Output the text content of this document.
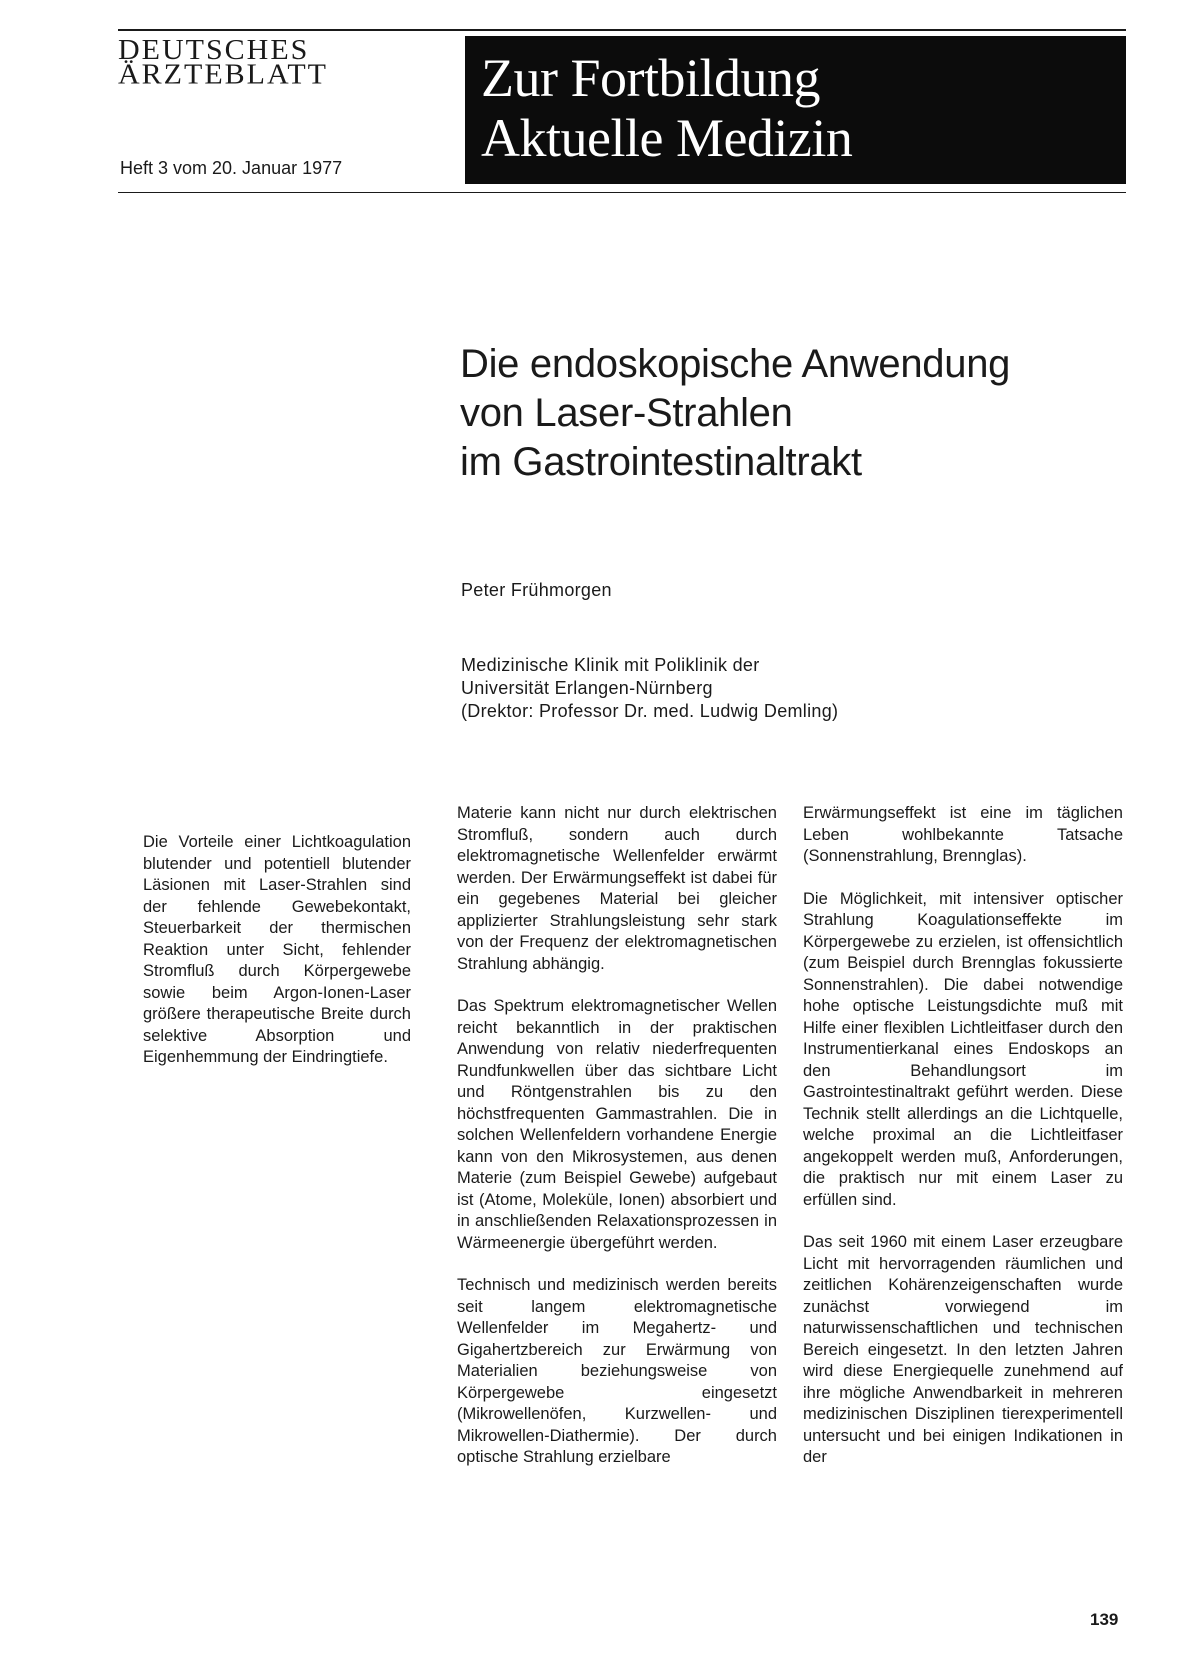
DEUTSCHES
ÄRZTEBLATT
Heft 3 vom 20. Januar 1977
Zur Fortbildung
Aktuelle Medizin
Die endoskopische Anwendung
von Laser-Strahlen
im Gastrointestinaltrakt
Peter Frühmorgen
Medizinische Klinik mit Poliklinik der
Universität Erlangen-Nürnberg
(Drektor: Professor Dr. med. Ludwig Demling)

Die Vorteile einer Lichtkoagulation blutender und potentiell blutender Läsionen mit Laser-Strahlen sind der fehlende Gewebekontakt, Steuerbarkeit der thermischen Reaktion unter Sicht, fehlender Stromfluß durch Körpergewebe sowie beim Argon-Ionen-Laser größere therapeutische Breite durch selektive Absorption und Eigenhemmung der Eindringtiefe.

Materie kann nicht nur durch elektrischen Stromfluß, sondern auch durch elektromagnetische Wellenfelder erwärmt werden. Der Erwärmungseffekt ist dabei für ein gegebenes Material bei gleicher applizierter Strahlungsleistung sehr stark von der Frequenz der elektromagnetischen Strahlung abhängig.

Das Spektrum elektromagnetischer Wellen reicht bekanntlich in der praktischen Anwendung von relativ niederfrequenten Rundfunkwellen über das sichtbare Licht und Röntgenstrahlen bis zu den höchstfrequenten Gammastrahlen. Die in solchen Wellenfeldern vorhandene Energie kann von den Mikrosystemen, aus denen Materie (zum Beispiel Gewebe) aufgebaut ist (Atome, Moleküle, Ionen) absorbiert und in anschließenden Relaxationsprozessen in Wärmeenergie übergeführt werden.

Technisch und medizinisch werden bereits seit langem elektromagnetische Wellenfelder im Megahertz- und Gigahertzbereich zur Erwärmung von Materialien beziehungsweise von Körpergewebe eingesetzt (Mikrowellenöfen, Kurzwellen- und Mikrowellen-Diathermie). Der durch optische Strahlung erzielbare

Erwärmungseffekt ist eine im täglichen Leben wohlbekannte Tatsache (Sonnenstrahlung, Brennglas).

Die Möglichkeit, mit intensiver optischer Strahlung Koagulationseffekte im Körpergewebe zu erzielen, ist offensichtlich (zum Beispiel durch Brennglas fokussierte Sonnenstrahlen). Die dabei notwendige hohe optische Leistungsdichte muß mit Hilfe einer flexiblen Lichtleitfaser durch den Instrumentierkanal eines Endoskops an den Behandlungsort im Gastrointestinaltrakt geführt werden. Diese Technik stellt allerdings an die Lichtquelle, welche proximal an die Lichtleitfaser angekoppelt werden muß, Anforderungen, die praktisch nur mit einem Laser zu erfüllen sind.

Das seit 1960 mit einem Laser erzeugbare Licht mit hervorragenden räumlichen und zeitlichen Kohärenzeigenschaften wurde zunächst vorwiegend im naturwissenschaftlichen und technischen Bereich eingesetzt. In den letzten Jahren wird diese Energiequelle zunehmend auf ihre mögliche Anwendbarkeit in mehreren medizinischen Disziplinen tierexperimentell untersucht und bei einigen Indikationen in der

139
